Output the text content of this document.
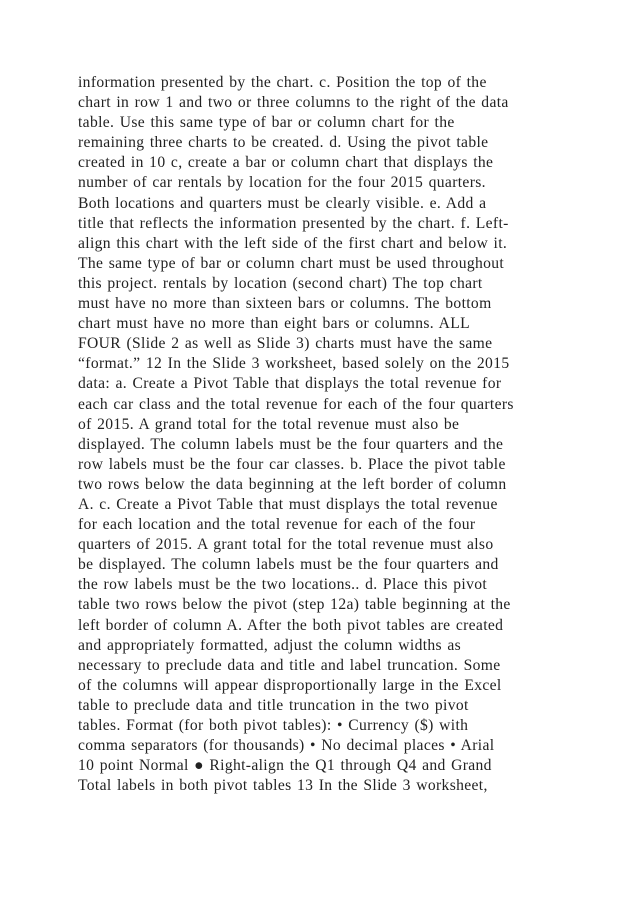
information presented by the chart. c. Position the top of the
chart in row 1 and two or three columns to the right of the data
table. Use this same type of bar or column chart for the
remaining three charts to be created. d. Using the pivot table
created in 10 c, create a bar or column chart that displays the
number of car rentals by location for the four 2015 quarters.
Both locations and quarters must be clearly visible. e. Add a
title that reflects the information presented by the chart. f. Left-
align this chart with the left side of the first chart and below it.
The same type of bar or column chart must be used throughout
this project. rentals by location (second chart) The top chart
must have no more than sixteen bars or columns. The bottom
chart must have no more than eight bars or columns. ALL
FOUR (Slide 2 as well as Slide 3) charts must have the same
“format.” 12 In the Slide 3 worksheet, based solely on the 2015
data: a. Create a Pivot Table that displays the total revenue for
each car class and the total revenue for each of the four quarters
of 2015. A grand total for the total revenue must also be
displayed. The column labels must be the four quarters and the
row labels must be the four car classes. b. Place the pivot table
two rows below the data beginning at the left border of column
A. c. Create a Pivot Table that must displays the total revenue
for each location and the total revenue for each of the four
quarters of 2015. A grant total for the total revenue must also
be displayed. The column labels must be the four quarters and
the row labels must be the two locations.. d. Place this pivot
table two rows below the pivot (step 12a) table beginning at the
left border of column A. After the both pivot tables are created
and appropriately formatted, adjust the column widths as
necessary to preclude data and title and label truncation. Some
of the columns will appear disproportionally large in the Excel
table to preclude data and title truncation in the two pivot
tables. Format (for both pivot tables): • Currency ($) with
comma separators (for thousands) • No decimal places • Arial
10 point Normal ● Right-align the Q1 through Q4 and Grand
Total labels in both pivot tables 13 In the Slide 3 worksheet,
